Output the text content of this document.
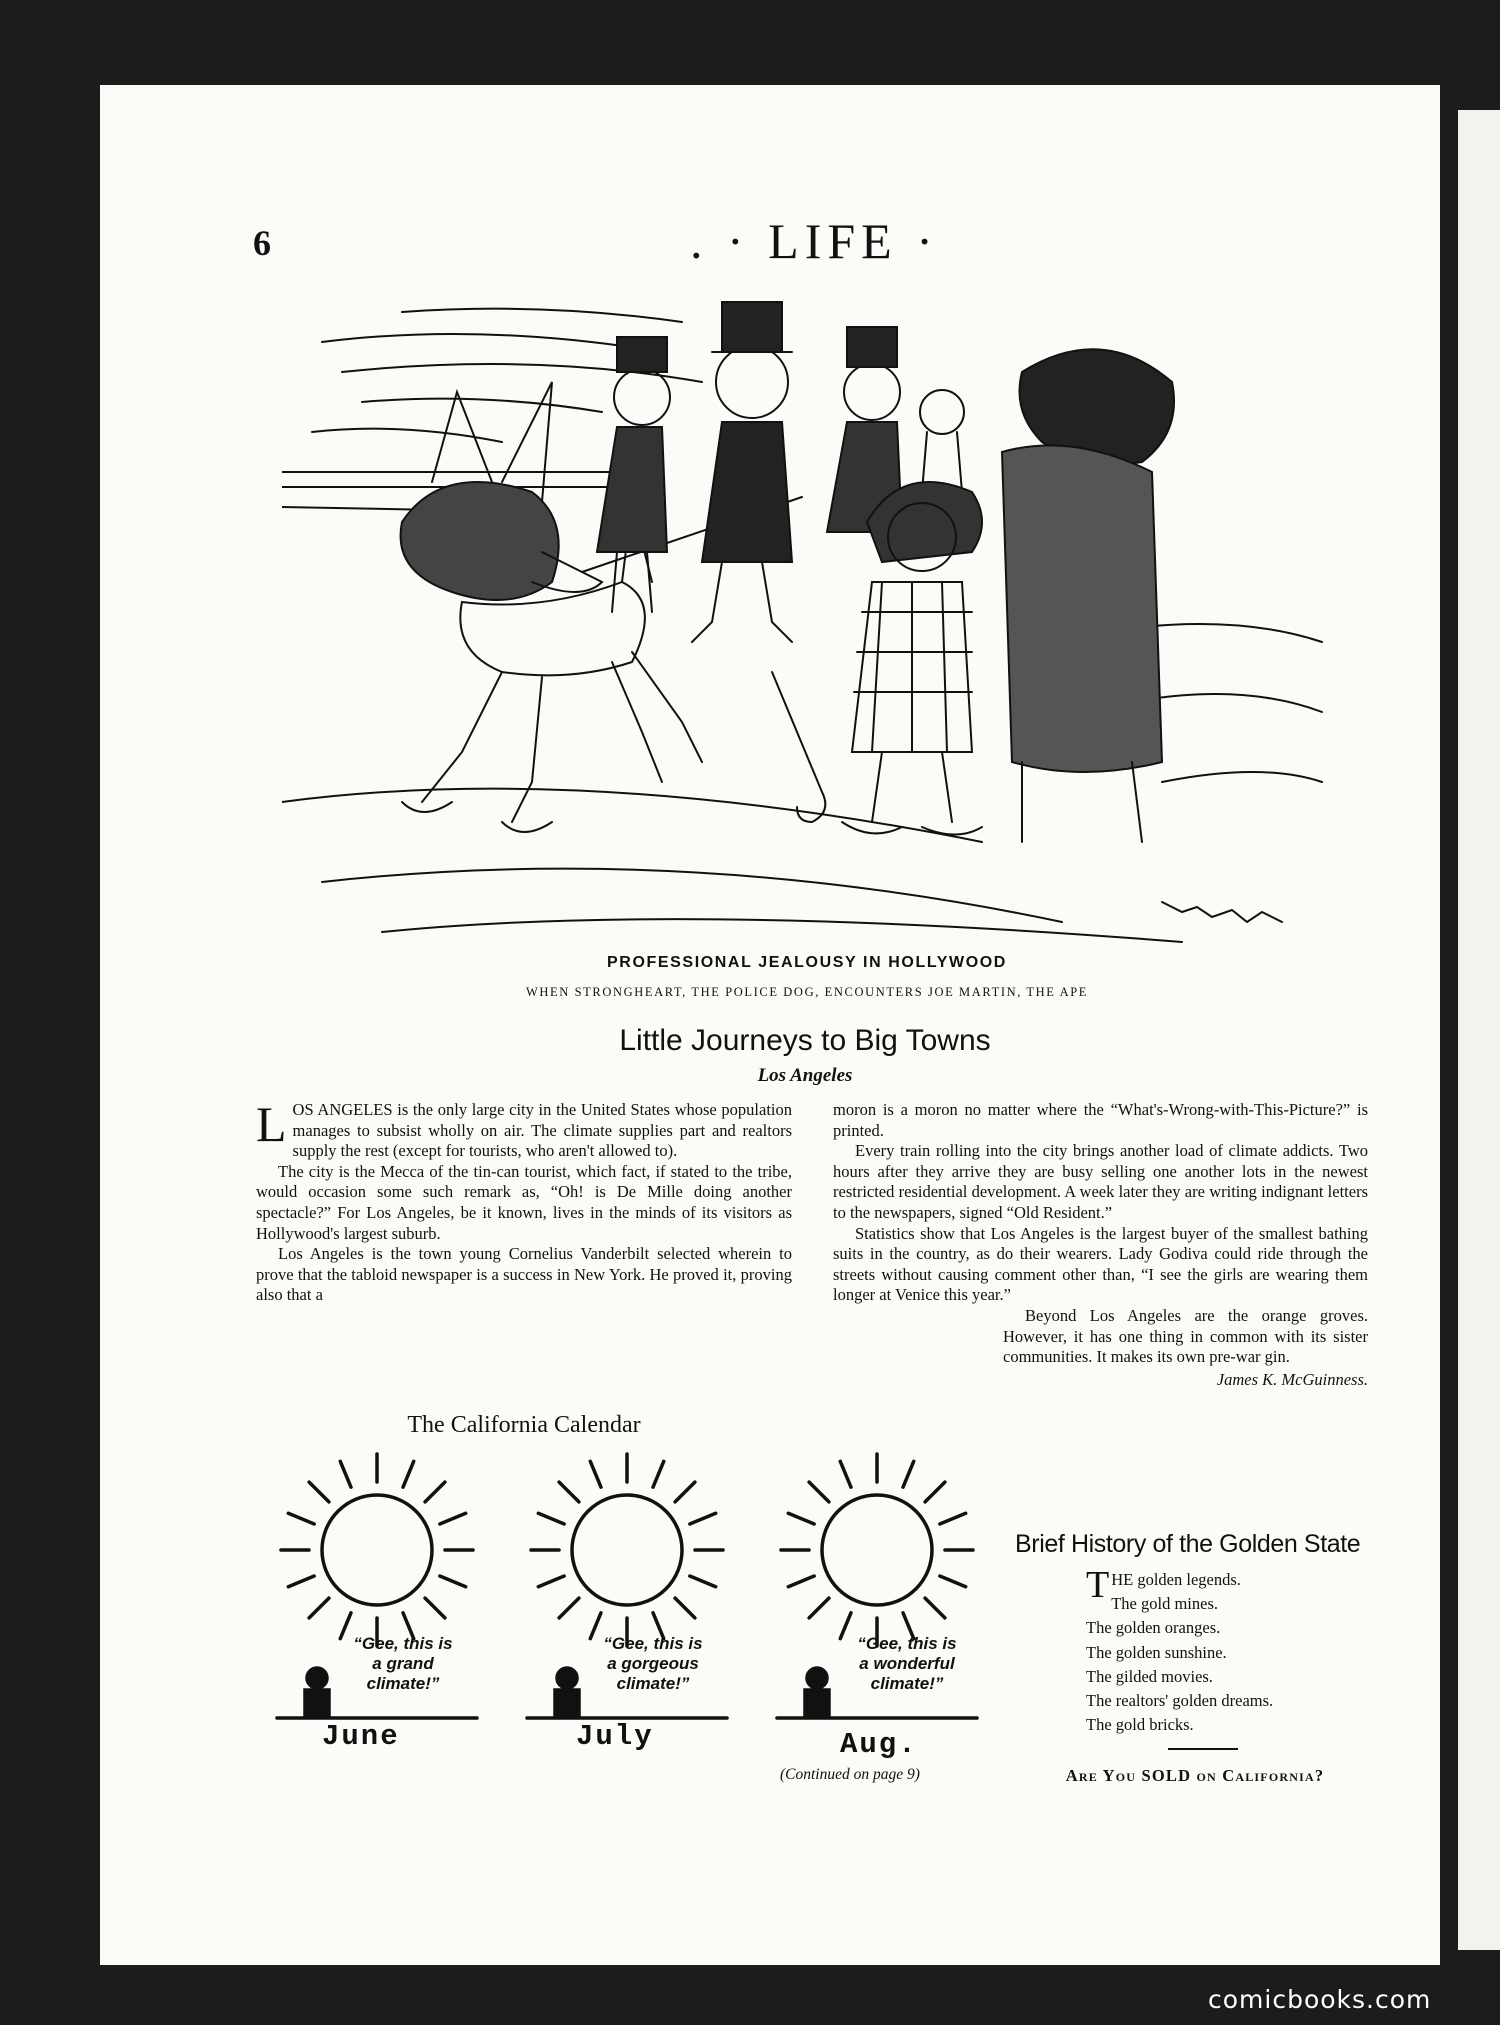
6	. · LIFE ·
PROFESSIONAL JEALOUSY IN HOLLYWOOD
WHEN STRONGHEART, THE POLICE DOG, ENCOUNTERS JOE MARTIN, THE APE
Little Journeys to Big Towns
Los Angeles

LOS ANGELES is the only large city in the United States whose population manages to subsist wholly on air. The climate supplies part and realtors supply the rest (except for tourists, who aren't allowed to).

The city is the Mecca of the tin-can tourist, which fact, if stated to the tribe, would occasion some such remark as, “Oh! is De Mille doing another spectacle?” For Los Angeles, be it known, lives in the minds of its visitors as Hollywood's largest suburb.

Los Angeles is the town young Cornelius Vanderbilt selected wherein to prove that the tabloid newspaper is a success in New York. He proved it, proving also that a

moron is a moron no matter where the “What's-Wrong-with-This-Picture?” is printed.

Every train rolling into the city brings another load of climate addicts. Two hours after they arrive they are busy selling one another lots in the newest restricted residential development. A week later they are writing indignant letters to the newspapers, signed “Old Resident.”

Statistics show that Los Angeles is the largest buyer of the smallest bathing suits in the country, as do their wearers. Lady Godiva could ride through the streets without causing comment other than, “I see the girls are wearing them longer at Venice this year.”

Beyond Los Angeles are the orange groves. However, it has one thing in common with its sister communities. It makes its own pre-war gin.

James K. McGuinness.
The California Calendar
“Gee, this is
a grand
climate!”
“Gee, this is
a gorgeous
climate!”
“Gee, this is
a wonderful
climate!”
June	July	Aug.
(Continued on page 9)
Brief History of the Golden State
THE golden legends.
The gold mines.
The golden oranges.
The golden sunshine.
The gilded movies.
The realtors' golden dreams.
The gold bricks.
Are You SOLD on California?
comicbooks.com
